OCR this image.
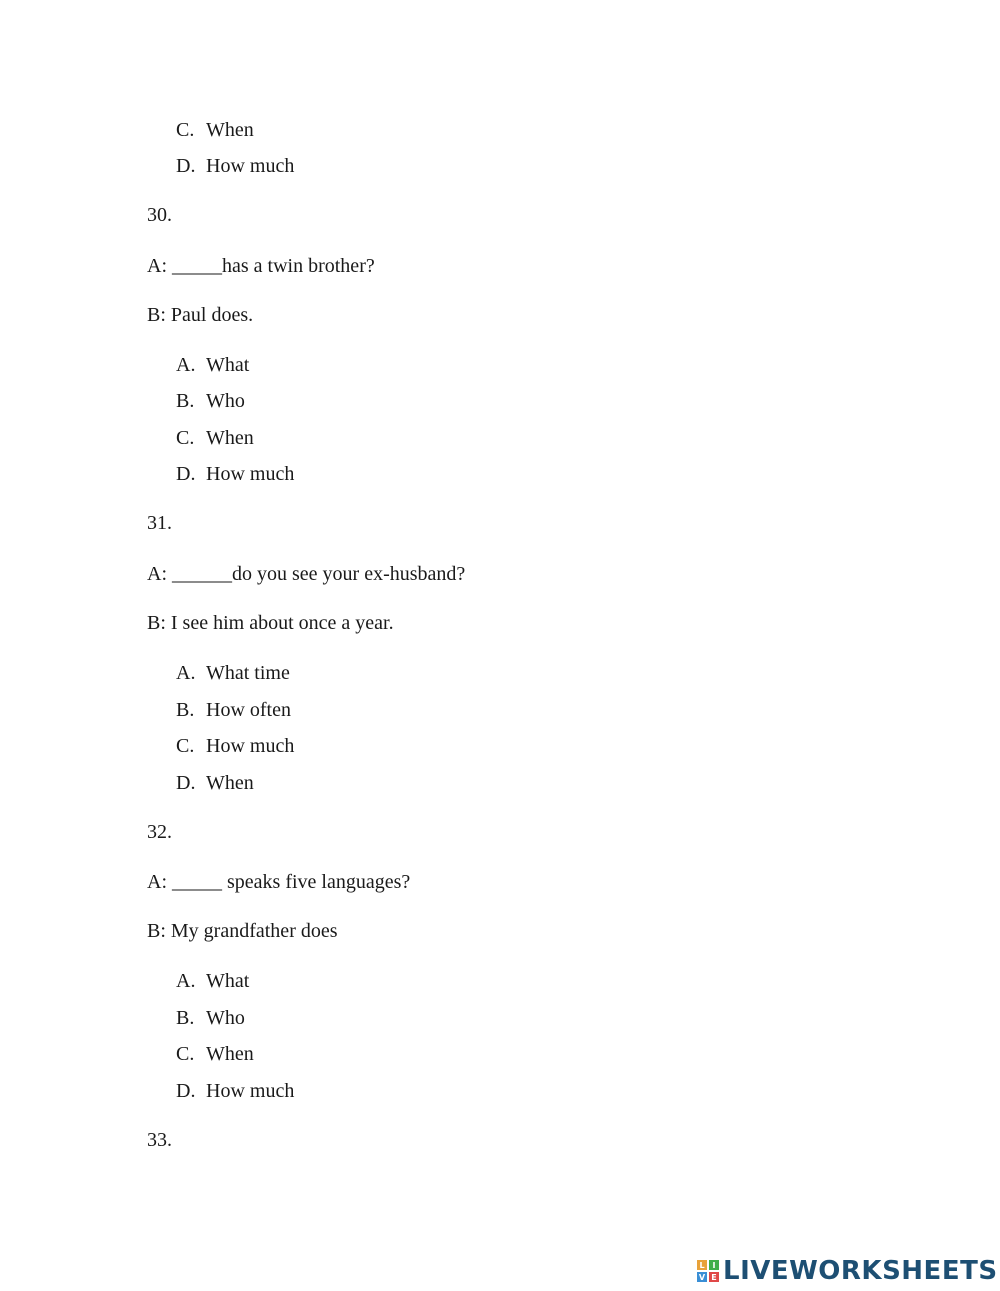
C. When
D. How much
30.
A: _____has a twin brother?
B: Paul does.
A. What
B. Who
C. When
D. How much
31.
A: ______do you see your ex-husband?
B: I see him about once a year.
A. What time
B. How often
C. How much
D. When
32.
A: _____ speaks five languages?
B: My grandfather does
A. What
B. Who
C. When
D. How much
33.
L I
V E LIVEWORKSHEETS
